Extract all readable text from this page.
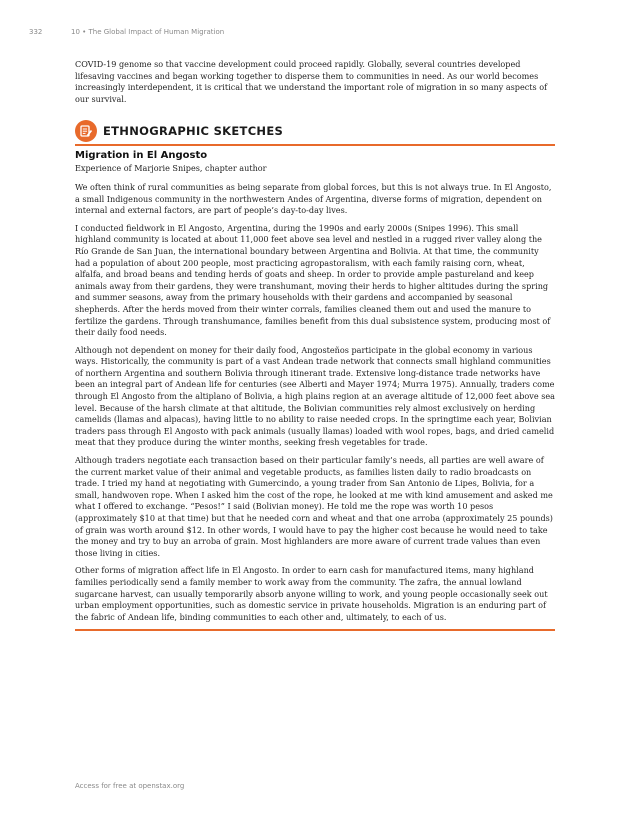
332	10 • The Global Impact of Human Migration

COVID-19 genome so that vaccine development could proceed rapidly. Globally, several countries developed lifesaving vaccines and began working together to disperse them to communities in need. As our world becomes increasingly interdependent, it is critical that we understand the important role of migration in so many aspects of our survival.

ETHNOGRAPHIC SKETCHES
Migration in El Angosto

Experience of Marjorie Snipes, chapter author

We often think of rural communities as being separate from global forces, but this is not always true. In El Angosto, a small Indigenous community in the northwestern Andes of Argentina, diverse forms of migration, dependent on internal and external factors, are part of people’s day-to-day lives.

I conducted fieldwork in El Angosto, Argentina, during the 1990s and early 2000s (Snipes 1996). This small highland community is located at about 11,000 feet above sea level and nestled in a rugged river valley along the Río Grande de San Juan, the international boundary between Argentina and Bolivia. At that time, the community had a population of about 200 people, most practicing agropastoralism, with each family raising corn, wheat, alfalfa, and broad beans and tending herds of goats and sheep. In order to provide ample pastureland and keep animals away from their gardens, they were transhumant, moving their herds to higher altitudes during the spring and summer seasons, away from the primary households with their gardens and accompanied by seasonal shepherds. After the herds moved from their winter corrals, families cleaned them out and used the manure to fertilize the gardens. Through transhumance, families benefit from this dual subsistence system, producing most of their daily food needs.

Although not dependent on money for their daily food, Angosteños participate in the global economy in various ways. Historically, the community is part of a vast Andean trade network that connects small highland communities of northern Argentina and southern Bolivia through itinerant trade. Extensive long-distance trade networks have been an integral part of Andean life for centuries (see Alberti and Mayer 1974; Murra 1975). Annually, traders come through El Angosto from the altiplano of Bolivia, a high plains region at an average altitude of 12,000 feet above sea level. Because of the harsh climate at that altitude, the Bolivian communities rely almost exclusively on herding camelids (llamas and alpacas), having little to no ability to raise needed crops. In the springtime each year, Bolivian traders pass through El Angosto with pack animals (usually llamas) loaded with wool ropes, bags, and dried camelid meat that they produce during the winter months, seeking fresh vegetables for trade.

Although traders negotiate each transaction based on their particular family’s needs, all parties are well aware of the current market value of their animal and vegetable products, as families listen daily to radio broadcasts on trade. I tried my hand at negotiating with Gumercindo, a young trader from San Antonio de Lipes, Bolivia, for a small, handwoven rope. When I asked him the cost of the rope, he looked at me with kind amusement and asked me what I offered to exchange. “Pesos!” I said (Bolivian money). He told me the rope was worth 10 pesos (approximately $10 at that time) but that he needed corn and wheat and that one arroba (approximately 25 pounds) of grain was worth around $12. In other words, I would have to pay the higher cost because he would need to take the money and try to buy an arroba of grain. Most highlanders are more aware of current trade values than even those living in cities.

Other forms of migration affect life in El Angosto. In order to earn cash for manufactured items, many highland families periodically send a family member to work away from the community. The zafra, the annual lowland sugarcane harvest, can usually temporarily absorb anyone willing to work, and young people occasionally seek out urban employment opportunities, such as domestic service in private households. Migration is an enduring part of the fabric of Andean life, binding communities to each other and, ultimately, to each of us.

Access for free at openstax.org
